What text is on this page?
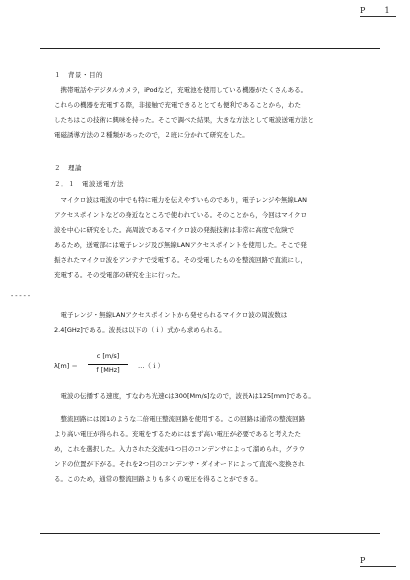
P 1
-----
１　背景・目的

　携帯電話やデジタルカメラ，iPodなど，充電池を使用している機器がたくさんある。

これらの機器を充電する際，非接触で充電できるととても便利であることから，わた

したちはこの技術に興味を持った。そこで調べた結果，大きな方法として電波送電方法と

電磁誘導方法の２種類があったので，２班に分かれて研究をした。

２　理論
２．１　電波送電方法

　マイクロ波は電波の中でも特に電力を伝えやすいものであり，電子レンジや無線LAN

アクセスポイントなどの身近なところで使われている。そのことから，今回はマイクロ

波を中心に研究をした。高周波であるマイクロ波の発振技術は非常に高度で危険で

あるため，送電部には電子レンジ及び無線LANアクセスポイントを使用した。そこで発

振されたマイクロ波をアンテナで受電する。その受電したものを整流回路で直流にし，

充電する。その受電部の研究を主に行った。

　電子レンジ・無線LANアクセスポイントから発せられるマイクロ波の周波数は

2.4[GHz]である。波長は以下の（ｉ）式から求められる。

λ[m] ＝
c [m/s]
f [MHz]	…（ｉ）

　電波の伝播する速度，すなわち光速cは300[Mm/s]なので，波長λは125[mm]である。

　整流回路には図1のような二倍電圧整流回路を使用する。この回路は通常の整流回路

より高い電圧が得られる。充電をするためにはまず高い電圧が必要であると考えたた

め，これを選択した。入力された交流が1つ目のコンデンサによって溜められ，グラウ

ンドの位置が下がる。それを2つ目のコンデンサ・ダイオードによって直流へ変換され

る。このため，通常の整流回路よりも多くの電圧を得ることができる。

P
